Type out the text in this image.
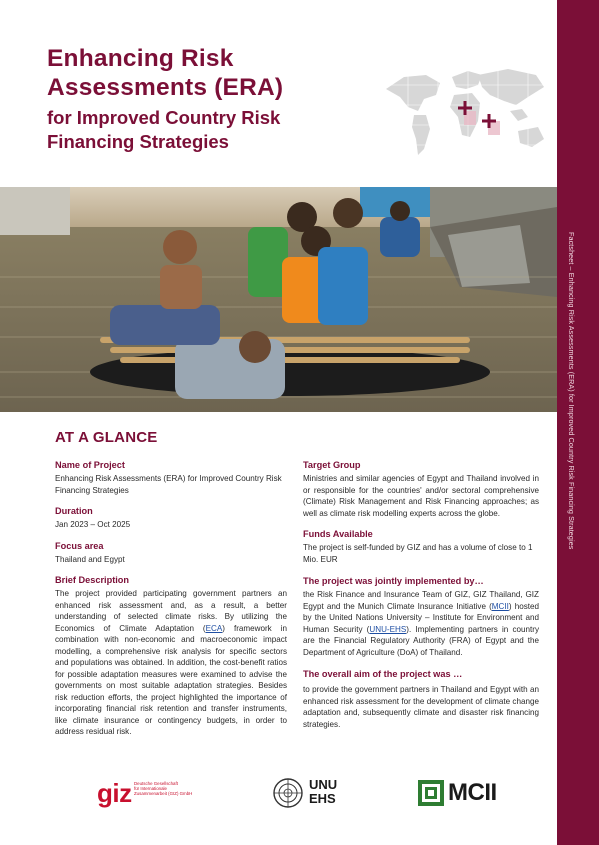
Factsheet – Enhancing Risk Assessments (ERA) for Improved Country Risk Financing Strategies
Enhancing Risk
Assessments (ERA)
for Improved Country Risk
Financing Strategies
AT A GLANCE
Name of Project
Enhancing Risk Assessments (ERA) for Improved Country Risk Financing Strategies
Duration
Jan 2023 – Oct 2025
Focus area
Thailand and Egypt
Brief Description
The project provided participating government partners an enhanced risk assessment and, as a result, a better understanding of selected climate risks. By utilizing the Economics of Climate Adaptation (ECA) framework in combination with non-economic and macroeconomic impact modelling, a comprehensive risk analysis for specific sectors and populations was obtained. In addition, the cost-benefit ratios for possible adaptation measures were examined to advise the governments on most suitable adaptation strategies. Besides risk reduction efforts, the project highlighted the importance of incorporating financial risk retention and transfer instruments, like climate insurance or contingency budgets, in order to address residual risk.
Target Group
Ministries and similar agencies of Egypt and Thailand involved in or responsible for the countries' and/or sectoral comprehensive (Climate) Risk Management and Risk Financing approaches; as well as climate risk modelling experts across the globe.
Funds Available
The project is self-funded by GIZ and has a volume of close to 1 Mio. EUR
The project was jointly implemented by…
the Risk Finance and Insurance Team of GIZ, GIZ Thailand, GIZ Egypt and the Munich Climate Insurance Initiative (MCII) hosted by the United Nations University – Institute for Environment and Human Security (UNU-EHS). Implementing partners in country are the Financial Regulatory Authority (FRA) of Egypt and the Department of Agriculture (DoA) of Thailand.
The overall aim of the project was …
to provide the government partners in Thailand and Egypt with an enhanced risk assessment for the development of climate change adaptation and, subsequently climate and disaster risk financing strategies.
giz Deutsche Gesellschaft
für Internationale
Zusammenarbeit (GIZ) GmbH
UNU
EHS	MCII
